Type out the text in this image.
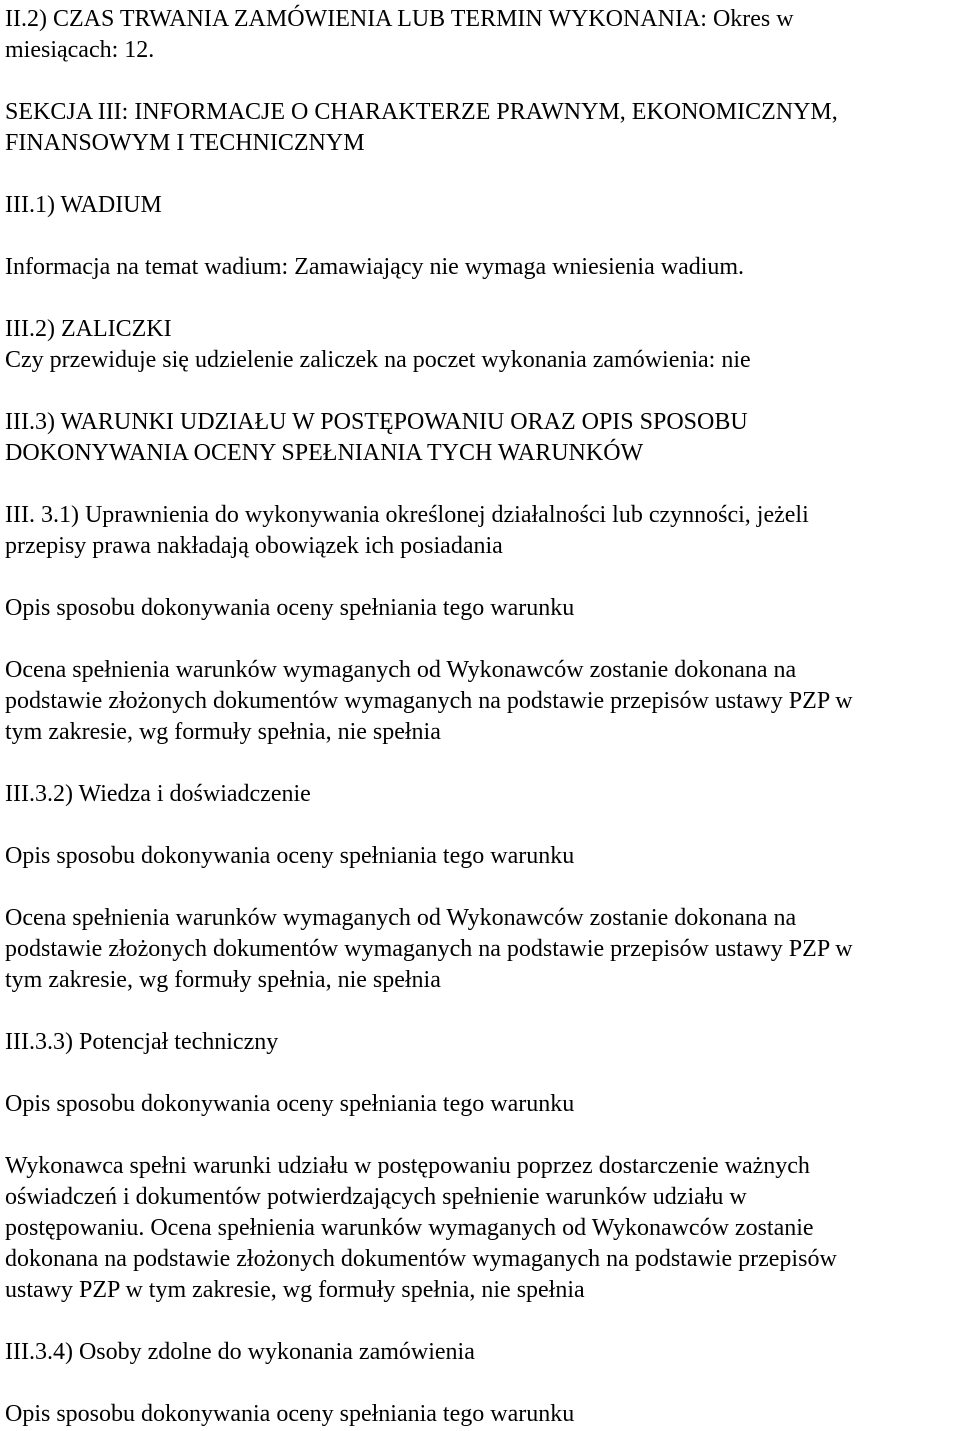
II.2) CZAS TRWANIA ZAMÓWIENIA LUB TERMIN WYKONANIA: Okres w
miesiącach: 12.

SEKCJA III: INFORMACJE O CHARAKTERZE PRAWNYM, EKONOMICZNYM,
FINANSOWYM I TECHNICZNYM

III.1) WADIUM

Informacja na temat wadium: Zamawiający nie wymaga wniesienia wadium.

III.2) ZALICZKI
Czy przewiduje się udzielenie zaliczek na poczet wykonania zamówienia: nie

III.3) WARUNKI UDZIAŁU W POSTĘPOWANIU ORAZ OPIS SPOSOBU
DOKONYWANIA OCENY SPEŁNIANIA TYCH WARUNKÓW

III. 3.1) Uprawnienia do wykonywania określonej działalności lub czynności, jeżeli
przepisy prawa nakładają obowiązek ich posiadania

Opis sposobu dokonywania oceny spełniania tego warunku

Ocena spełnienia warunków wymaganych od Wykonawców zostanie dokonana na
podstawie złożonych dokumentów wymaganych na podstawie przepisów ustawy PZP w
tym zakresie, wg formuły spełnia, nie spełnia

III.3.2) Wiedza i doświadczenie

Opis sposobu dokonywania oceny spełniania tego warunku

Ocena spełnienia warunków wymaganych od Wykonawców zostanie dokonana na
podstawie złożonych dokumentów wymaganych na podstawie przepisów ustawy PZP w
tym zakresie, wg formuły spełnia, nie spełnia

III.3.3) Potencjał techniczny

Opis sposobu dokonywania oceny spełniania tego warunku

Wykonawca spełni warunki udziału w postępowaniu poprzez dostarczenie ważnych
oświadczeń i dokumentów potwierdzających spełnienie warunków udziału w
postępowaniu. Ocena spełnienia warunków wymaganych od Wykonawców zostanie
dokonana na podstawie złożonych dokumentów wymaganych na podstawie przepisów
ustawy PZP w tym zakresie, wg formuły spełnia, nie spełnia

III.3.4) Osoby zdolne do wykonania zamówienia

Opis sposobu dokonywania oceny spełniania tego warunku
